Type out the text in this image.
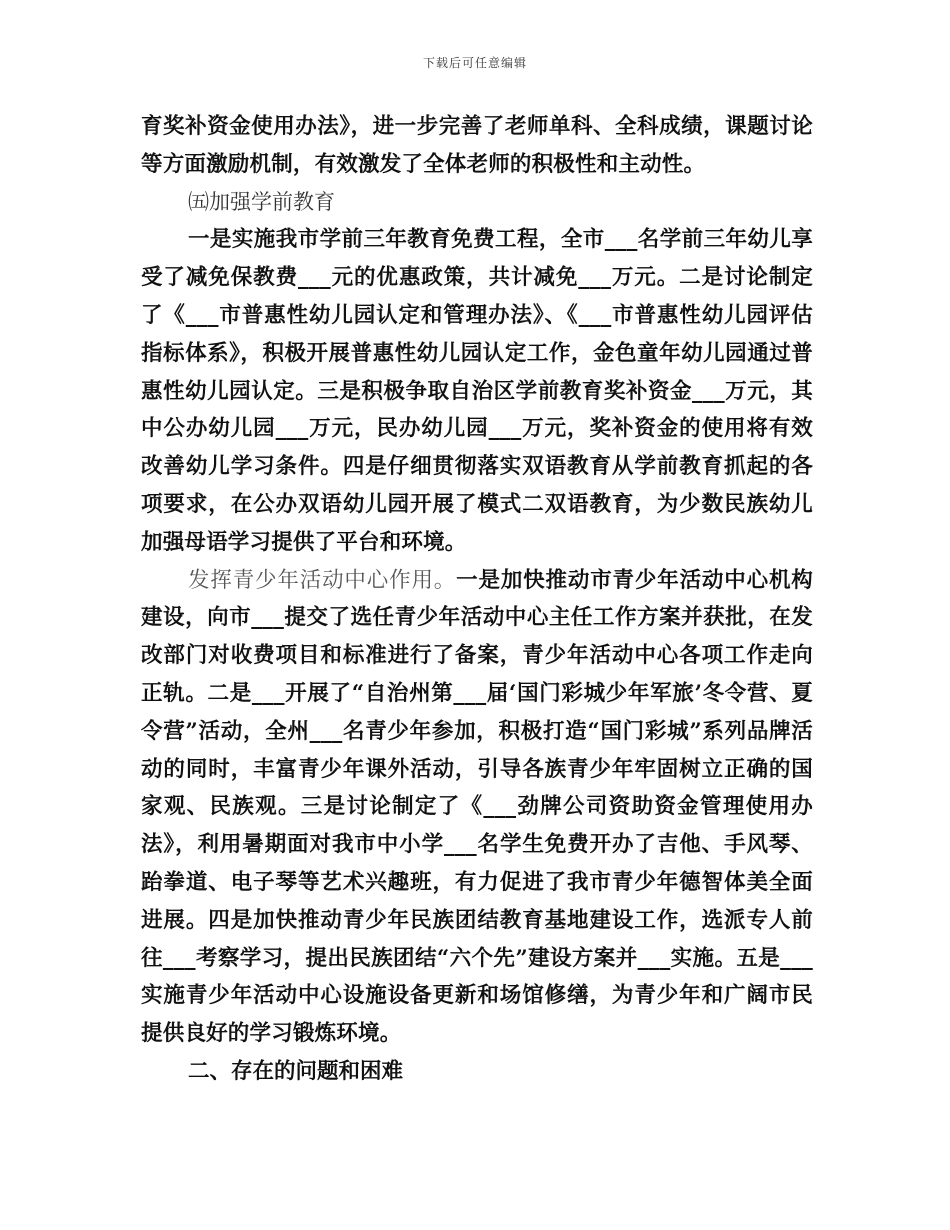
下载后可任意编辑

育奖补资金使用办法》，进一步完善了老师单科、全科成绩，课题讨论等方面激励机制，有效激发了全体老师的积极性和主动性。

㈤加强学前教育

一是实施我市学前三年教育免费工程，全市___名学前三年幼儿享受了减免保教费___元的优惠政策，共计减免___万元。二是讨论制定了《___市普惠性幼儿园认定和管理办法》、《___市普惠性幼儿园评估指标体系》，积极开展普惠性幼儿园认定工作，金色童年幼儿园通过普惠性幼儿园认定。三是积极争取自治区学前教育奖补资金___万元，其中公办幼儿园___万元，民办幼儿园___万元，奖补资金的使用将有效改善幼儿学习条件。四是仔细贯彻落实双语教育从学前教育抓起的各项要求，在公办双语幼儿园开展了模式二双语教育，为少数民族幼儿加强母语学习提供了平台和环境。

发挥青少年活动中心作用。一是加快推动市青少年活动中心机构建设，向市___提交了选任青少年活动中心主任工作方案并获批，在发改部门对收费项目和标准进行了备案，青少年活动中心各项工作走向正轨。二是___开展了“自治州第___届‘国门彩城少年军旅’冬令营、夏令营”活动，全州___名青少年参加，积极打造“国门彩城”系列品牌活动的同时，丰富青少年课外活动，引导各族青少年牢固树立正确的国家观、民族观。三是讨论制定了《___劲牌公司资助资金管理使用办法》，利用暑期面对我市中小学___名学生免费开办了吉他、手风琴、跆拳道、电子琴等艺术兴趣班，有力促进了我市青少年德智体美全面进展。四是加快推动青少年民族团结教育基地建设工作，选派专人前往___考察学习，提出民族团结“六个先”建设方案并___实施。五是___实施青少年活动中心设施设备更新和场馆修缮，为青少年和广阔市民提供良好的学习锻炼环境。

二、存在的问题和困难
